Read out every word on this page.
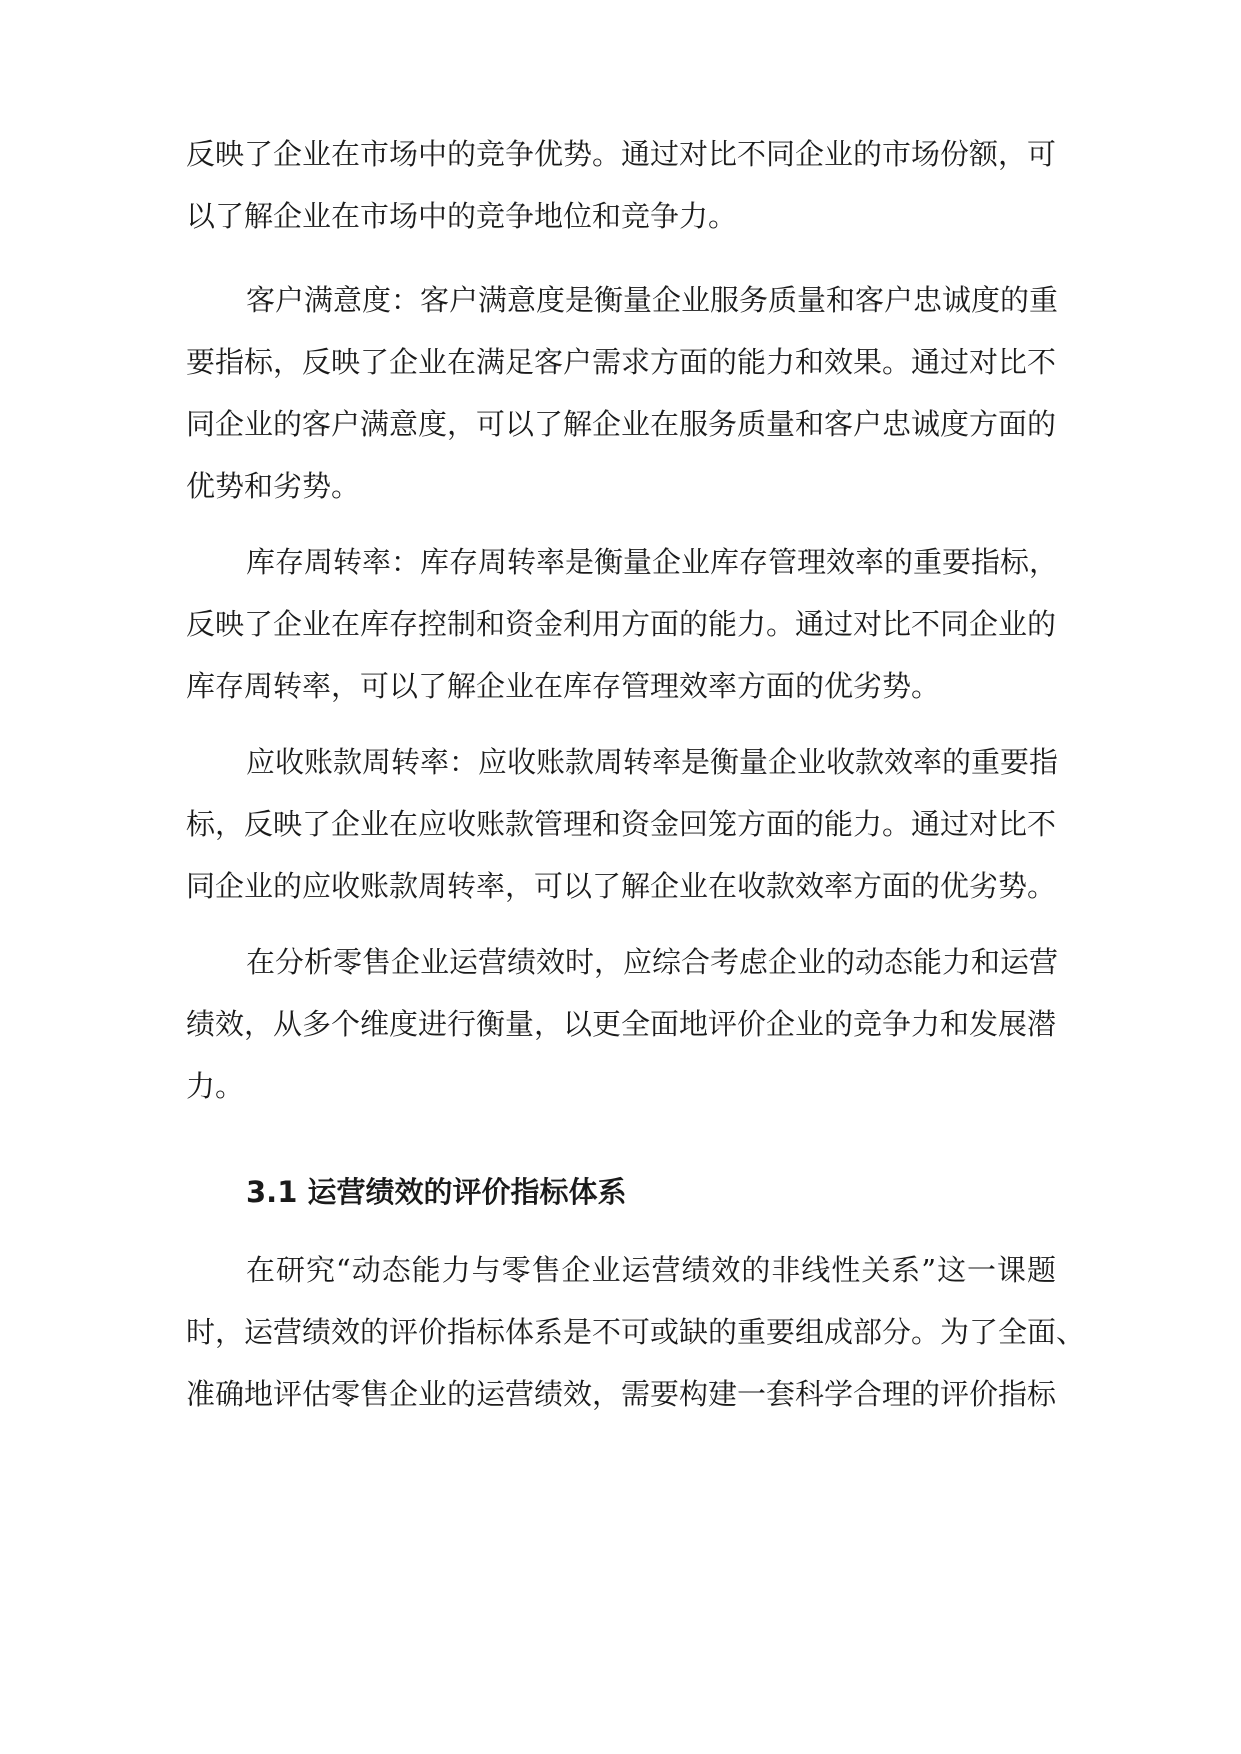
反映了企业在市场中的竞争优势。通过对比不同企业的市场份额，可
以了解企业在市场中的竞争地位和竞争力。
客户满意度：客户满意度是衡量企业服务质量和客户忠诚度的重
要指标，反映了企业在满足客户需求方面的能力和效果。通过对比不
同企业的客户满意度，可以了解企业在服务质量和客户忠诚度方面的
优势和劣势。
库存周转率：库存周转率是衡量企业库存管理效率的重要指标，
反映了企业在库存控制和资金利用方面的能力。通过对比不同企业的
库存周转率，可以了解企业在库存管理效率方面的优劣势。
应收账款周转率：应收账款周转率是衡量企业收款效率的重要指
标，反映了企业在应收账款管理和资金回笼方面的能力。通过对比不
同企业的应收账款周转率，可以了解企业在收款效率方面的优劣势。
在分析零售企业运营绩效时，应综合考虑企业的动态能力和运营
绩效，从多个维度进行衡量，以更全面地评价企业的竞争力和发展潜
力。
3.1 运营绩效的评价指标体系
在研究“动态能力与零售企业运营绩效的非线性关系”这一课题
时，运营绩效的评价指标体系是不可或缺的重要组成部分。为了全面、
准确地评估零售企业的运营绩效，需要构建一套科学合理的评价指标
